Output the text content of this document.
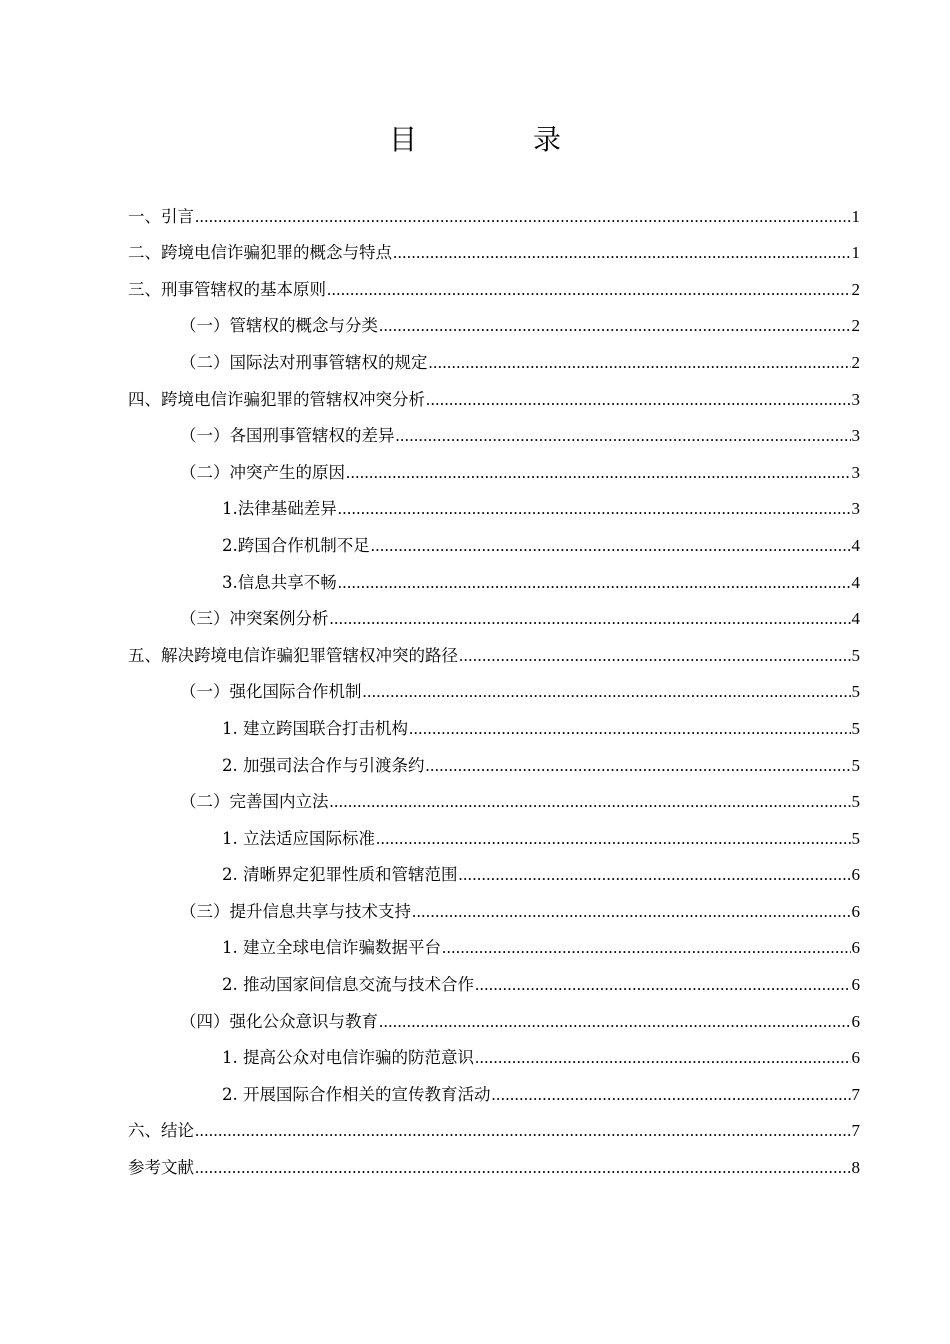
目　录
一、引言 .....	1
二、跨境电信诈骗犯罪的概念与特点 .....	1
三、刑事管辖权的基本原则 .....	2
（一）管辖权的概念与分类 .....	2
（二）国际法对刑事管辖权的规定 .....	2
四、跨境电信诈骗犯罪的管辖权冲突分析 .....	3
（一）各国刑事管辖权的差异 .....	3
（二）冲突产生的原因 .....	3
1.法律基础差异 .....	3
2.跨国合作机制不足 .....	4
3.信息共享不畅 .....	4
（三）冲突案例分析 .....	4
五、解决跨境电信诈骗犯罪管辖权冲突的路径 .....	5
（一）强化国际合作机制 .....	5
1. 建立跨国联合打击机构 .....	5
2. 加强司法合作与引渡条约 .....	5
（二）完善国内立法 .....	5
1. 立法适应国际标准 .....	5
2. 清晰界定犯罪性质和管辖范围 .....	6
（三）提升信息共享与技术支持 .....	6
1. 建立全球电信诈骗数据平台 .....	6
2. 推动国家间信息交流与技术合作 .....	6
（四）强化公众意识与教育 .....	6
1. 提高公众对电信诈骗的防范意识 .....	6
2. 开展国际合作相关的宣传教育活动 .....	7
六、结论 .....	7
参考文献 .....	8
